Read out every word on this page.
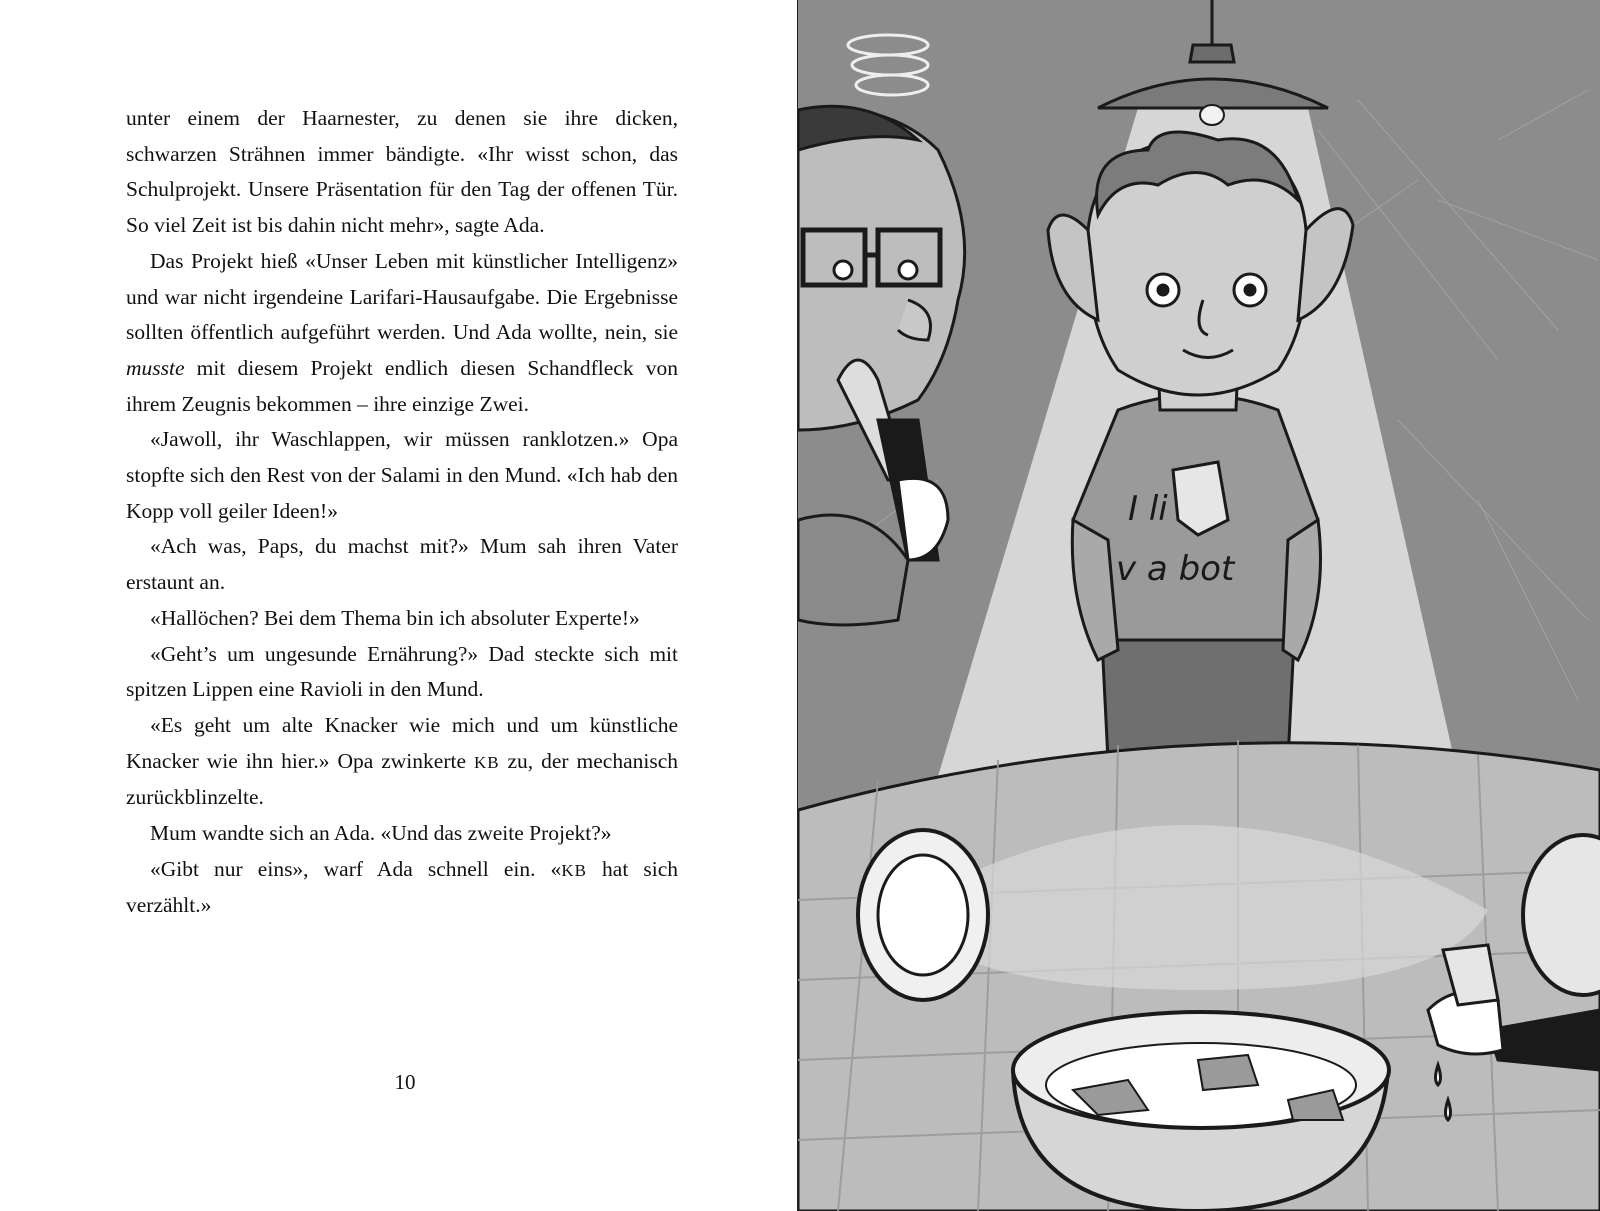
unter einem der Haarnester, zu denen sie ihre dicken, schwarzen Strähnen immer bändigte. «Ihr wisst schon, das Schulprojekt. Unsere Präsentation für den Tag der offenen Tür. So viel Zeit ist bis dahin nicht mehr», sagte Ada.

Das Projekt hieß «Unser Leben mit künstlicher Intelligenz» und war nicht irgendeine Larifari-Hausaufgabe. Die Ergebnisse sollten öffentlich aufgeführt werden. Und Ada wollte, nein, sie musste mit diesem Projekt endlich diesen Schandfleck von ihrem Zeugnis bekommen – ihre einzige Zwei.

«Jawoll, ihr Waschlappen, wir müssen ranklotzen.» Opa stopfte sich den Rest von der Salami in den Mund. «Ich hab den Kopp voll geiler Ideen!»

«Ach was, Paps, du machst mit?» Mum sah ihren Vater erstaunt an.

«Hallöchen? Bei dem Thema bin ich absoluter Experte!»

«Geht’s um ungesunde Ernährung?» Dad steckte sich mit spitzen Lippen eine Ravioli in den Mund.

«Es geht um alte Knacker wie mich und um künstliche Knacker wie ihn hier.» Opa zwinkerte KB zu, der mechanisch zurückblinzelte.

Mum wandte sich an Ada. «Und das zweite Projekt?»

«Gibt nur eins», warf Ada schnell ein. «KB hat sich verzählt.»

10
I li
v a bot
